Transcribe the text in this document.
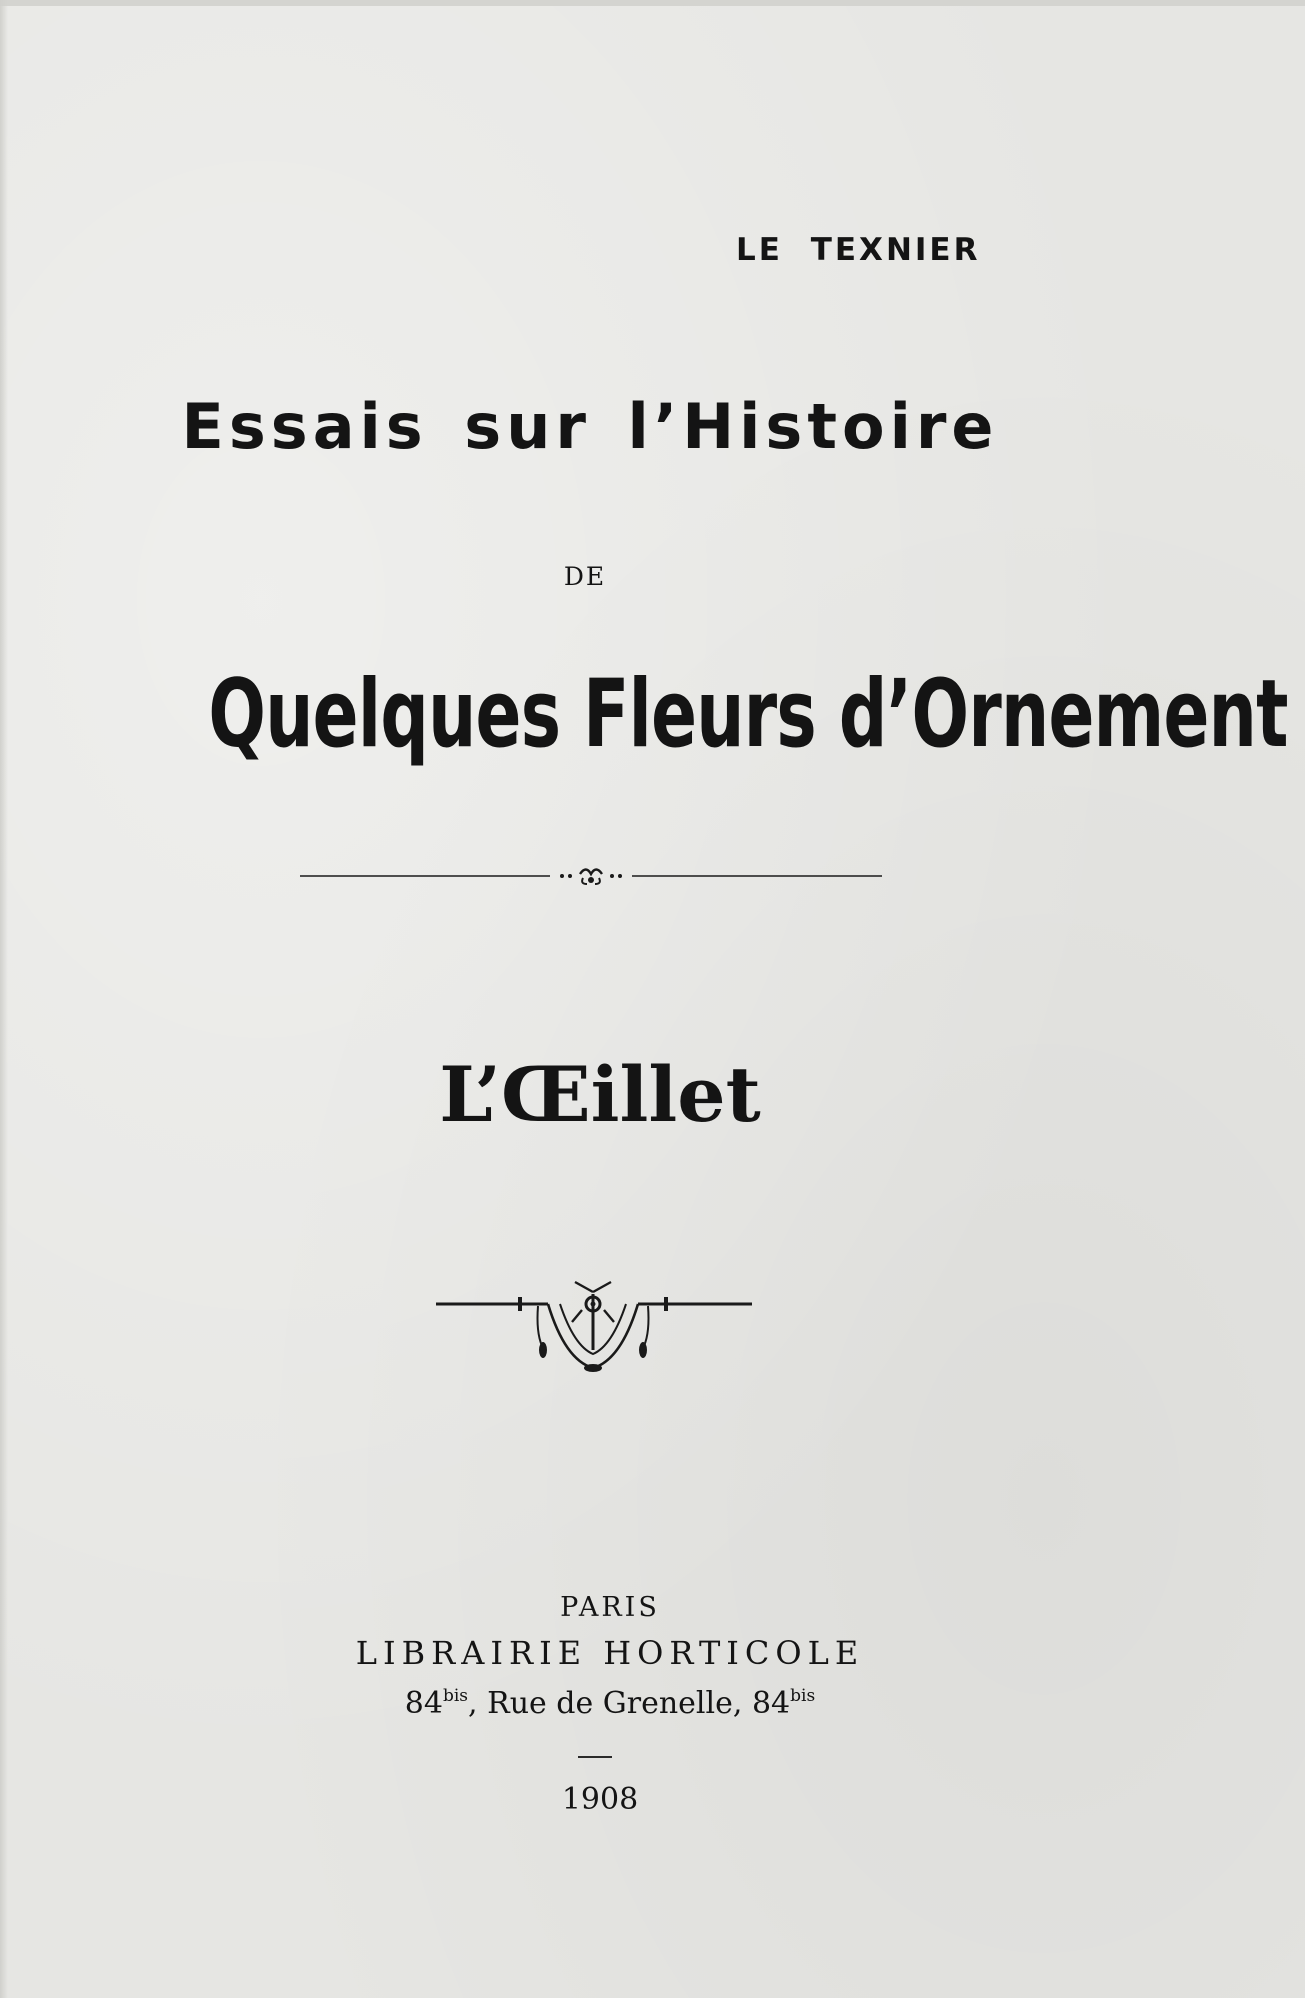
LE TEXNIER
Essais sur l’Histoire
DE
Quelques Fleurs d’Ornement
L’Œillet
PARIS
LIBRAIRIE HORTICOLE
$84^{bis}$, Rue de Grenelle, $84^{bis}$
1908
